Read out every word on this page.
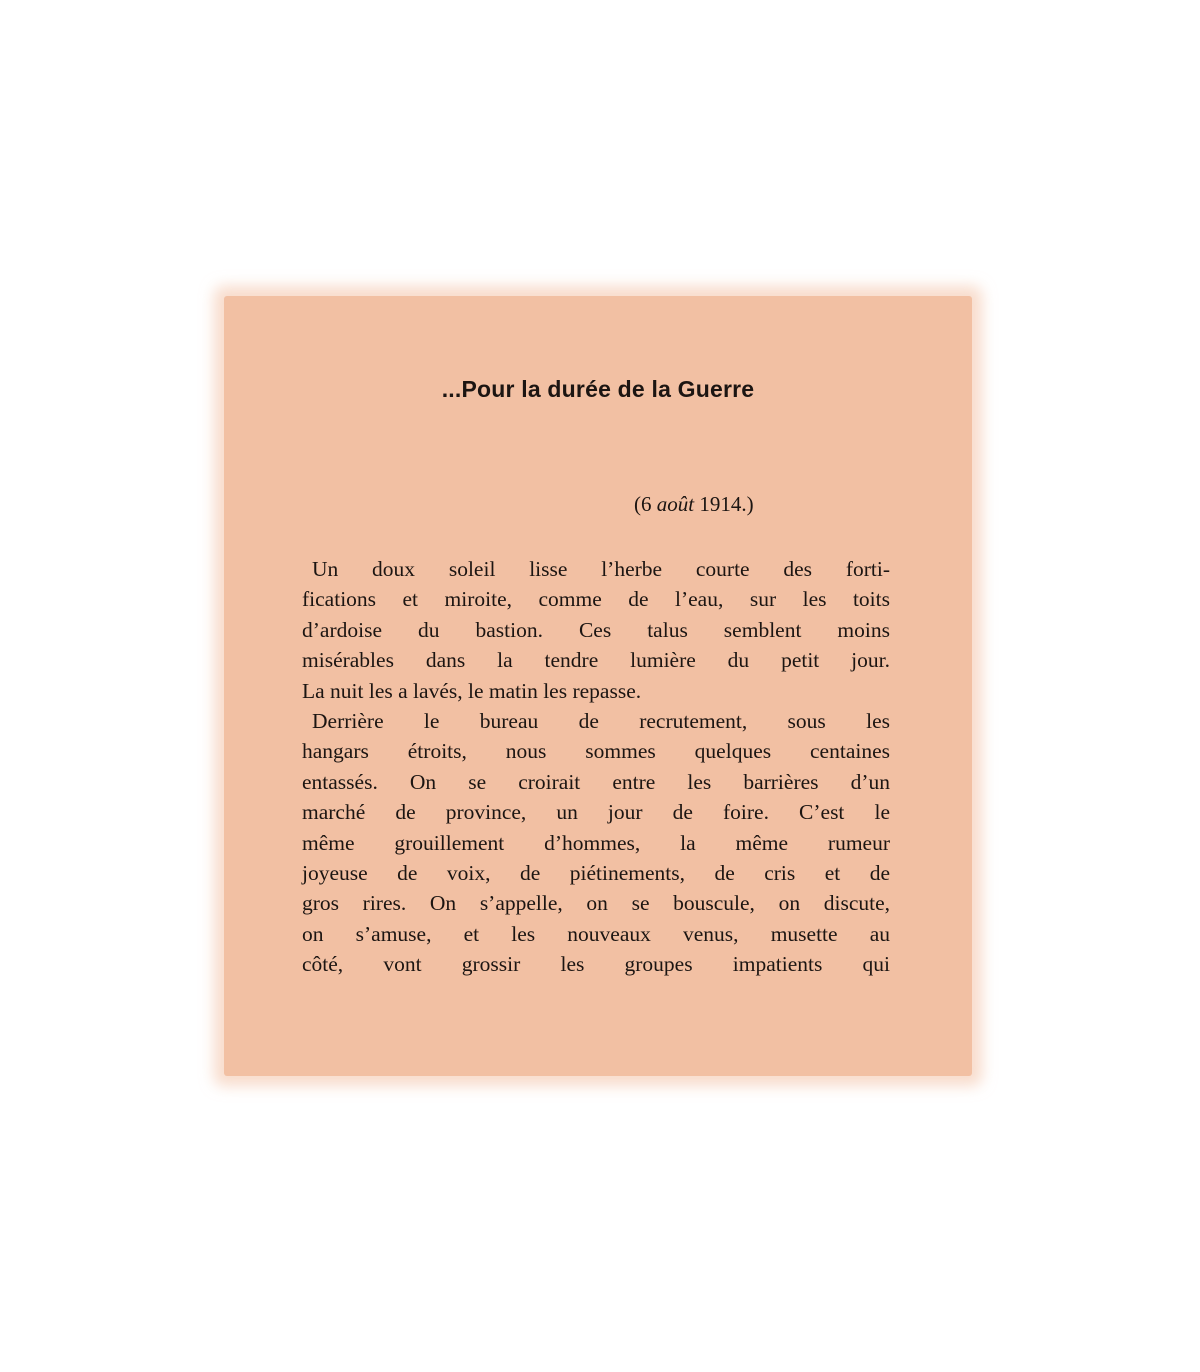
...Pour la durée de la Guerre

(6 août 1914.)

Un doux soleil lisse l’herbe courte des forti-
fications et miroite, comme de l’eau, sur les toits
d’ardoise du bastion. Ces talus semblent moins
misérables dans la tendre lumière du petit jour.
La nuit les a lavés, le matin les repasse.
Derrière le bureau de recrutement, sous les
hangars étroits, nous sommes quelques centaines
entassés. On se croirait entre les barrières d’un
marché de province, un jour de foire. C’est le
même grouillement d’hommes, la même rumeur
joyeuse de voix, de piétinements, de cris et de
gros rires. On s’appelle, on se bouscule, on discute,
on s’amuse, et les nouveaux venus, musette au
côté, vont grossir les groupes impatients qui
